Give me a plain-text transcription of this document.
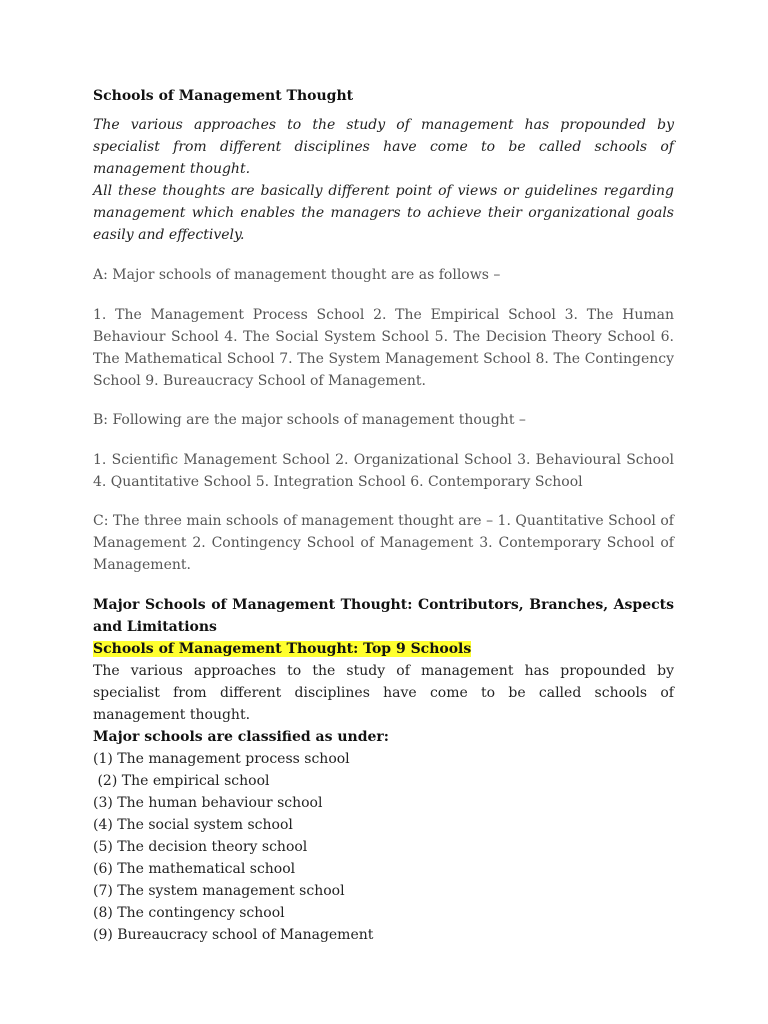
Schools of Management Thought

The various approaches to the study of management has propounded by specialist from different disciplines have come to be called schools of management thought.

All these thoughts are basically different point of views or guidelines regarding management which enables the managers to achieve their organizational goals easily and effectively.

A: Major schools of management thought are as follows –

1. The Management Process School 2. The Empirical School 3. The Human Behaviour School 4. The Social System School 5. The Decision Theory School 6. The Mathematical School 7. The System Management School 8. The Contingency School 9. Bureaucracy School of Management.

B: Following are the major schools of management thought –

1. Scientific Management School 2. Organizational School 3. Behavioural School 4. Quantitative School 5. Integration School 6. Contemporary School

C: The three main schools of management thought are – 1. Quantitative School of Management 2. Contingency School of Management 3. Contemporary School of Management.

Major Schools of Management Thought: Contributors, Branches, Aspects and Limitations

Schools of Management Thought: Top 9 Schools

The various approaches to the study of management has propounded by specialist from different disciplines have come to be called schools of management thought.

Major schools are classified as under:

(1) The management process school

(2) The empirical school

(3) The human behaviour school

(4) The social system school

(5) The decision theory school

(6) The mathematical school

(7) The system management school

(8) The contingency school

(9) Bureaucracy school of Management
